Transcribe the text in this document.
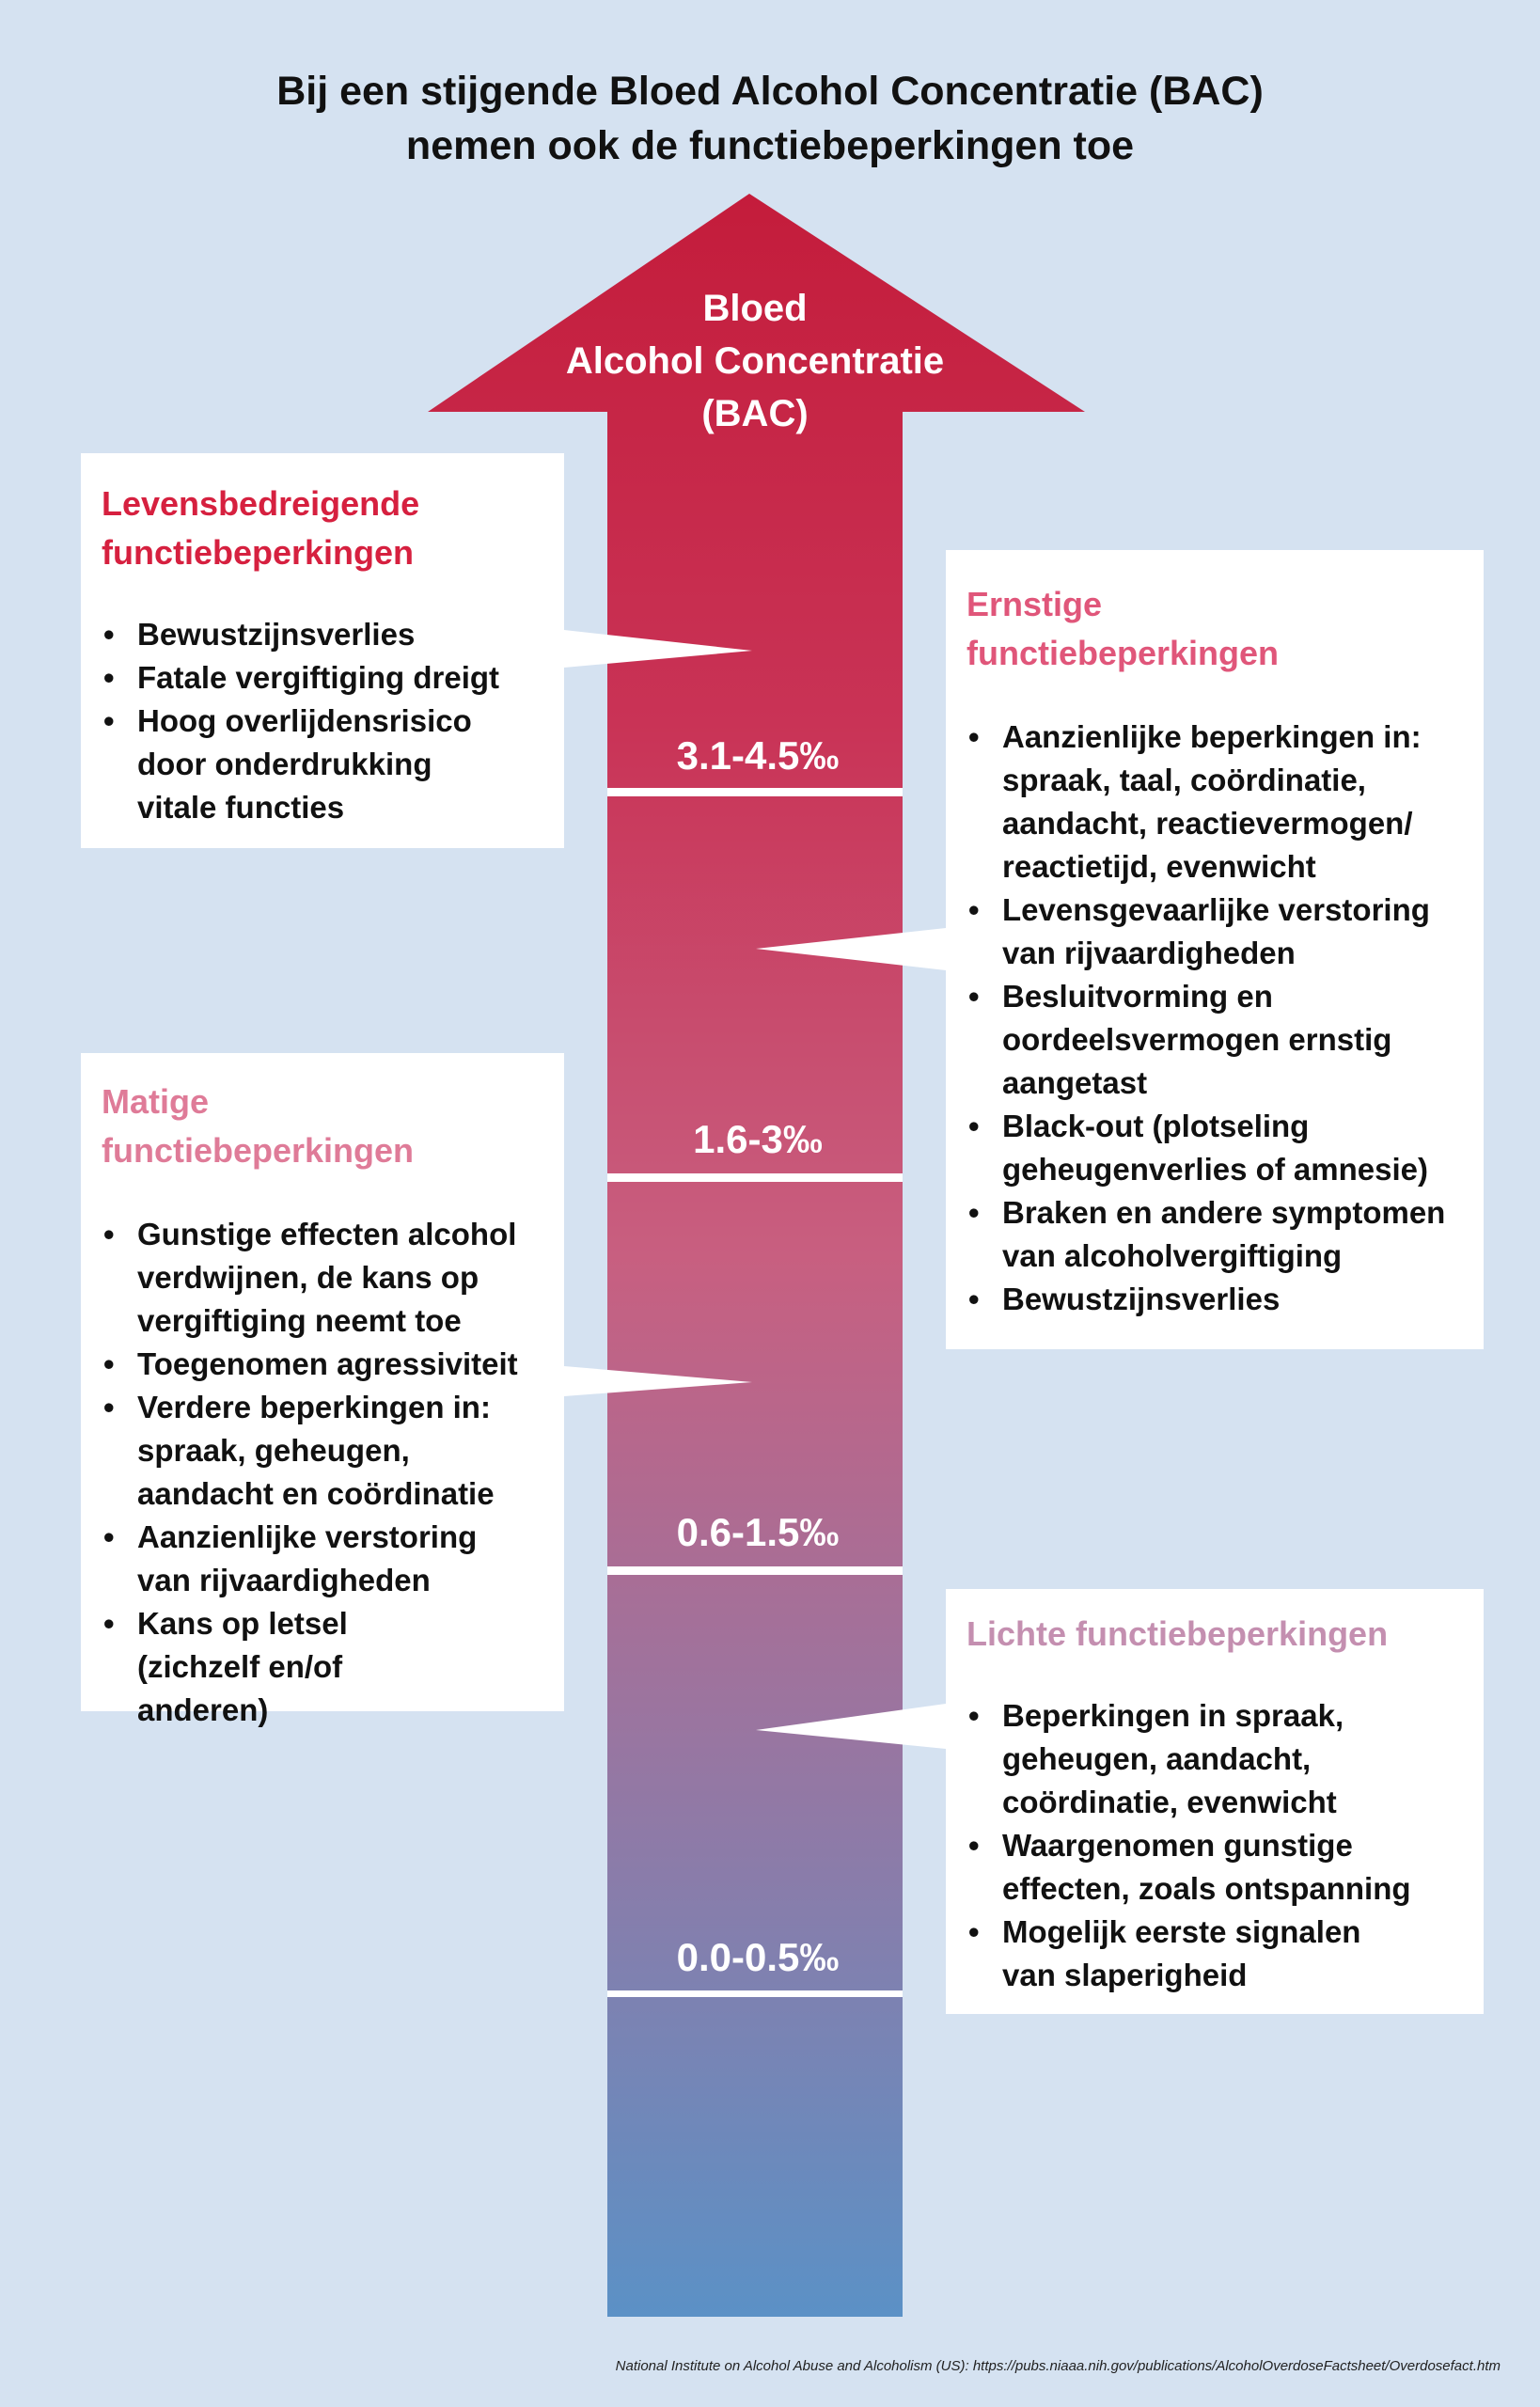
Bij een stijgende Bloed Alcohol Concentratie (BAC)
nemen ook de functiebeperkingen toe
Bloed
Alcohol Concentratie
(BAC)
3.1-4.5‰
1.6-3‰
0.6-1.5‰
0.0-0.5‰
Levensbedreigende
functiebeperkingen
• Bewustzijnsverlies
• Fatale vergiftiging dreigt
• Hoog overlijdensrisico door onderdrukking vitale functies
Ernstige
functiebeperkingen
• Aanzienlijke beperkingen in: spraak, taal, coördinatie, aandacht, reactievermogen/ reactietijd, evenwicht
• Levensgevaarlijke verstoring van rijvaardigheden
• Besluitvorming en oordeelsvermogen ernstig aangetast
• Black-out (plotseling geheugenverlies of amnesie)
• Braken en andere symptomen van alcoholvergiftiging
• Bewustzijnsverlies
Matige
functiebeperkingen
• Gunstige effecten alcohol verdwijnen, de kans op vergiftiging neemt toe
• Toegenomen agressiviteit
• Verdere beperkingen in: spraak, geheugen, aandacht en coördinatie
• Aanzienlijke verstoring van rijvaardigheden
• Kans op letsel (zichzelf en/of anderen)
Lichte functiebeperkingen
• Beperkingen in spraak, geheugen, aandacht, coördinatie, evenwicht
• Waargenomen gunstige effecten, zoals ontspanning
• Mogelijk eerste signalen van slaperigheid
National Institute on Alcohol Abuse and Alcoholism (US): https://pubs.niaaa.nih.gov/publications/AlcoholOverdoseFactsheet/Overdosefact.htm
